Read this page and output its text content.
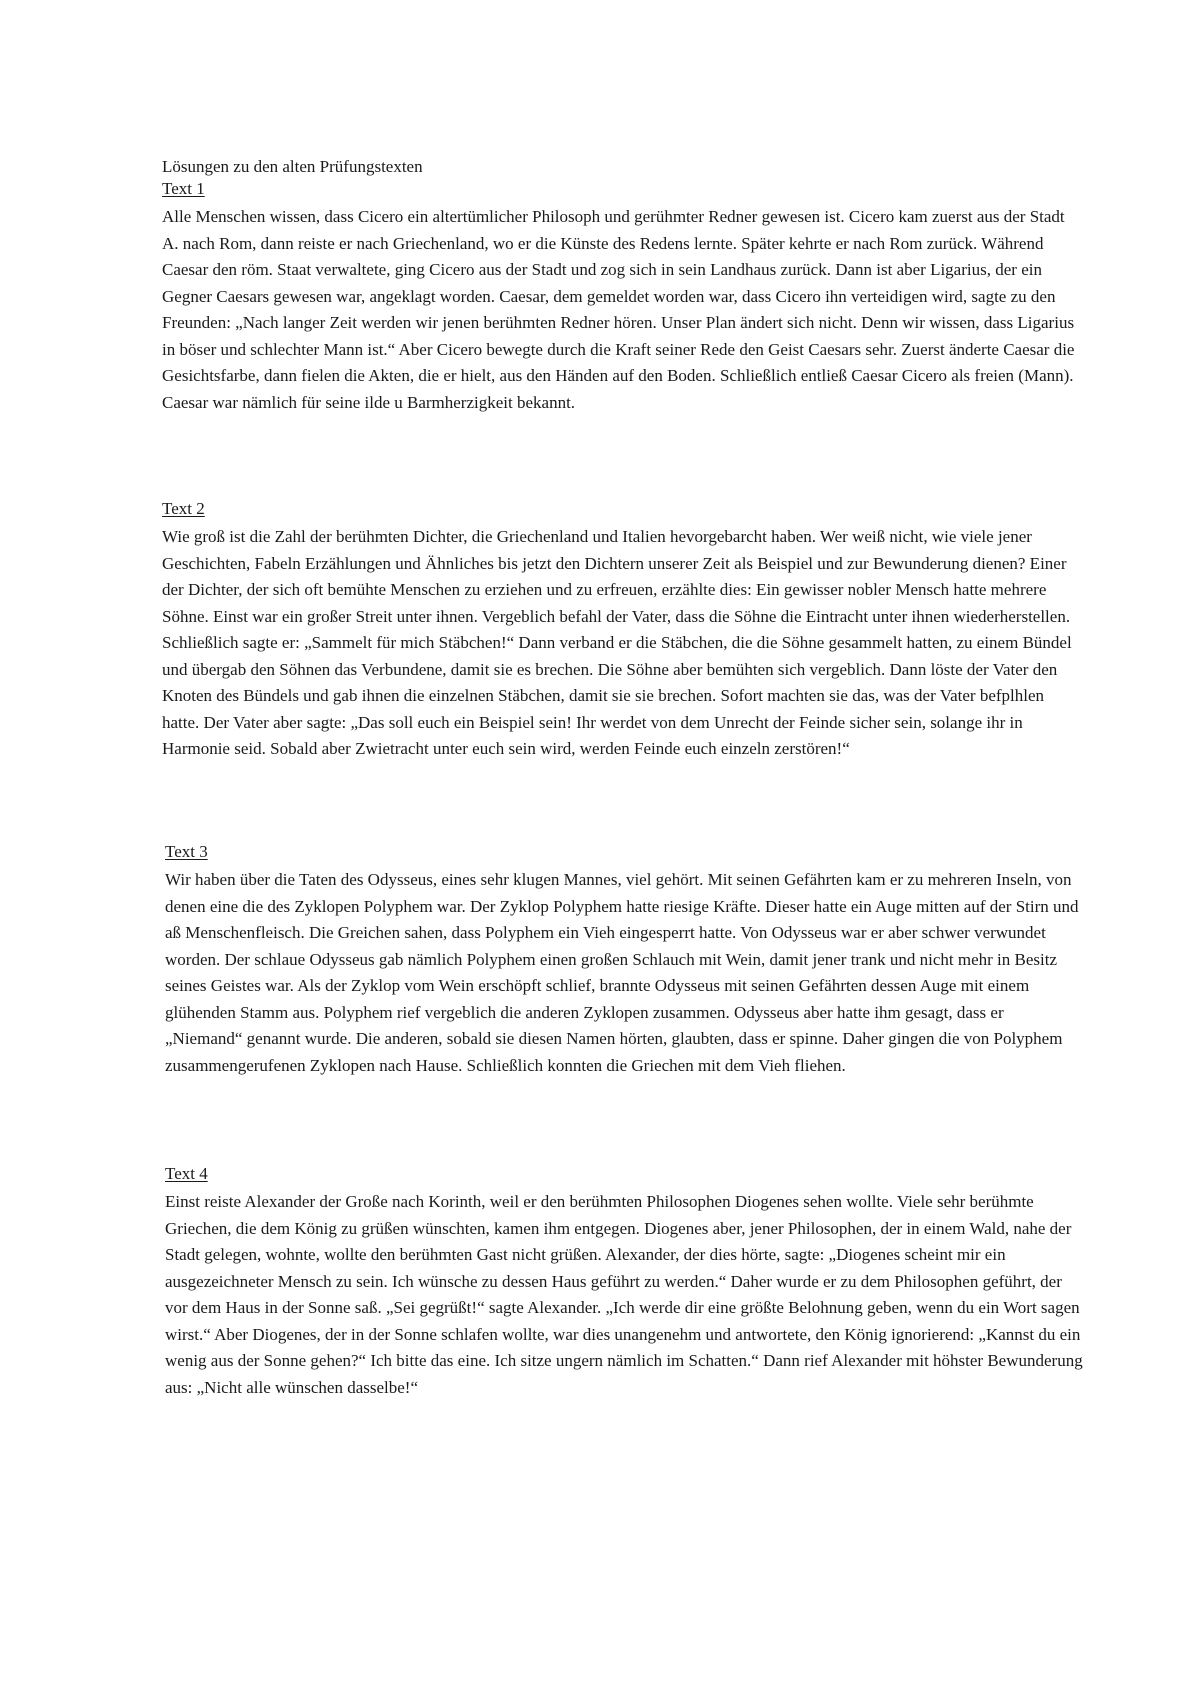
Lösungen zu den alten Prüfungstexten
Text 1

Alle Menschen wissen, dass Cicero ein altertümlicher Philosoph und gerühmter Redner gewesen ist. Cicero kam zuerst aus der Stadt A. nach Rom, dann reiste er nach Griechenland, wo er die Künste des Redens lernte. Später kehrte er nach Rom zurück. Während Caesar den röm. Staat verwaltete, ging Cicero aus der Stadt und zog sich in sein Landhaus zurück. Dann ist aber Ligarius, der ein Gegner Caesars gewesen war, angeklagt worden. Caesar, dem gemeldet worden war, dass Cicero ihn verteidigen wird, sagte zu den Freunden: „Nach langer Zeit werden wir jenen berühmten Redner hören. Unser Plan ändert sich nicht. Denn wir wissen, dass Ligarius in böser und schlechter Mann ist.“ Aber Cicero bewegte durch die Kraft seiner Rede den Geist Caesars sehr. Zuerst änderte Caesar die Gesichtsfarbe, dann fielen die Akten, die er hielt, aus den Händen auf den Boden. Schließlich entließ Caesar Cicero als freien (Mann). Caesar war nämlich für seine ilde u Barmherzigkeit bekannt.

Text 2

Wie groß ist die Zahl der berühmten Dichter, die Griechenland und Italien hevorgebarcht haben. Wer weiß nicht, wie viele jener Geschichten, Fabeln Erzählungen und Ähnliches bis jetzt den Dichtern unserer Zeit als Beispiel und zur Bewunderung dienen? Einer der Dichter, der sich oft bemühte Menschen zu erziehen und zu erfreuen, erzählte dies: Ein gewisser nobler Mensch hatte mehrere Söhne. Einst war ein großer Streit unter ihnen. Vergeblich befahl der Vater, dass die Söhne die Eintracht unter ihnen wiederherstellen. Schließlich sagte er: „Sammelt für mich Stäbchen!“ Dann verband er die Stäbchen, die die Söhne gesammelt hatten, zu einem Bündel und übergab den Söhnen das Verbundene, damit sie es brechen. Die Söhne aber bemühten sich vergeblich. Dann löste der Vater den Knoten des Bündels und gab ihnen die einzelnen Stäbchen, damit sie sie brechen. Sofort machten sie das, was der Vater befplhlen hatte. Der Vater aber sagte: „Das soll euch ein Beispiel sein! Ihr werdet von dem Unrecht der Feinde sicher sein, solange ihr in Harmonie seid. Sobald aber Zwietracht unter euch sein wird, werden Feinde euch einzeln zerstören!“

Text 3

Wir haben über die Taten des Odysseus, eines sehr klugen Mannes, viel gehört. Mit seinen Gefährten kam er zu mehreren Inseln, von denen eine die des Zyklopen Polyphem war. Der Zyklop Polyphem hatte riesige Kräfte. Dieser hatte ein Auge mitten auf der Stirn und aß Menschenfleisch. Die Greichen sahen, dass Polyphem ein Vieh eingesperrt hatte. Von Odysseus war er aber schwer verwundet worden. Der schlaue Odysseus gab nämlich Polyphem einen großen Schlauch mit Wein, damit jener trank und nicht mehr in Besitz seines Geistes war. Als der Zyklop vom Wein erschöpft schlief, brannte Odysseus mit seinen Gefährten dessen Auge mit einem glühenden Stamm aus. Polyphem rief vergeblich die anderen Zyklopen zusammen. Odysseus aber hatte ihm gesagt, dass er „Niemand“ genannt wurde. Die anderen, sobald sie diesen Namen hörten, glaubten, dass er spinne. Daher gingen die von Polyphem zusammengerufenen Zyklopen nach Hause. Schließlich konnten die Griechen mit dem Vieh fliehen.

Text 4

Einst reiste Alexander der Große nach Korinth, weil er den berühmten Philosophen Diogenes sehen wollte. Viele sehr berühmte Griechen, die dem König zu grüßen wünschten, kamen ihm entgegen. Diogenes aber, jener Philosophen, der in einem Wald, nahe der Stadt gelegen, wohnte, wollte den berühmten Gast nicht grüßen. Alexander, der dies hörte, sagte: „Diogenes scheint mir ein ausgezeichneter Mensch zu sein. Ich wünsche zu dessen Haus geführt zu werden.“ Daher wurde er zu dem Philosophen geführt, der vor dem Haus in der Sonne saß. „Sei gegrüßt!“ sagte Alexander. „Ich werde dir eine größte Belohnung geben, wenn du ein Wort sagen wirst.“ Aber Diogenes, der in der Sonne schlafen wollte, war dies unangenehm und antwortete, den König ignorierend: „Kannst du ein wenig aus der Sonne gehen?“ Ich bitte das eine. Ich sitze ungern nämlich im Schatten.“ Dann rief Alexander mit höhster Bewunderung aus: „Nicht alle wünschen dasselbe!“
